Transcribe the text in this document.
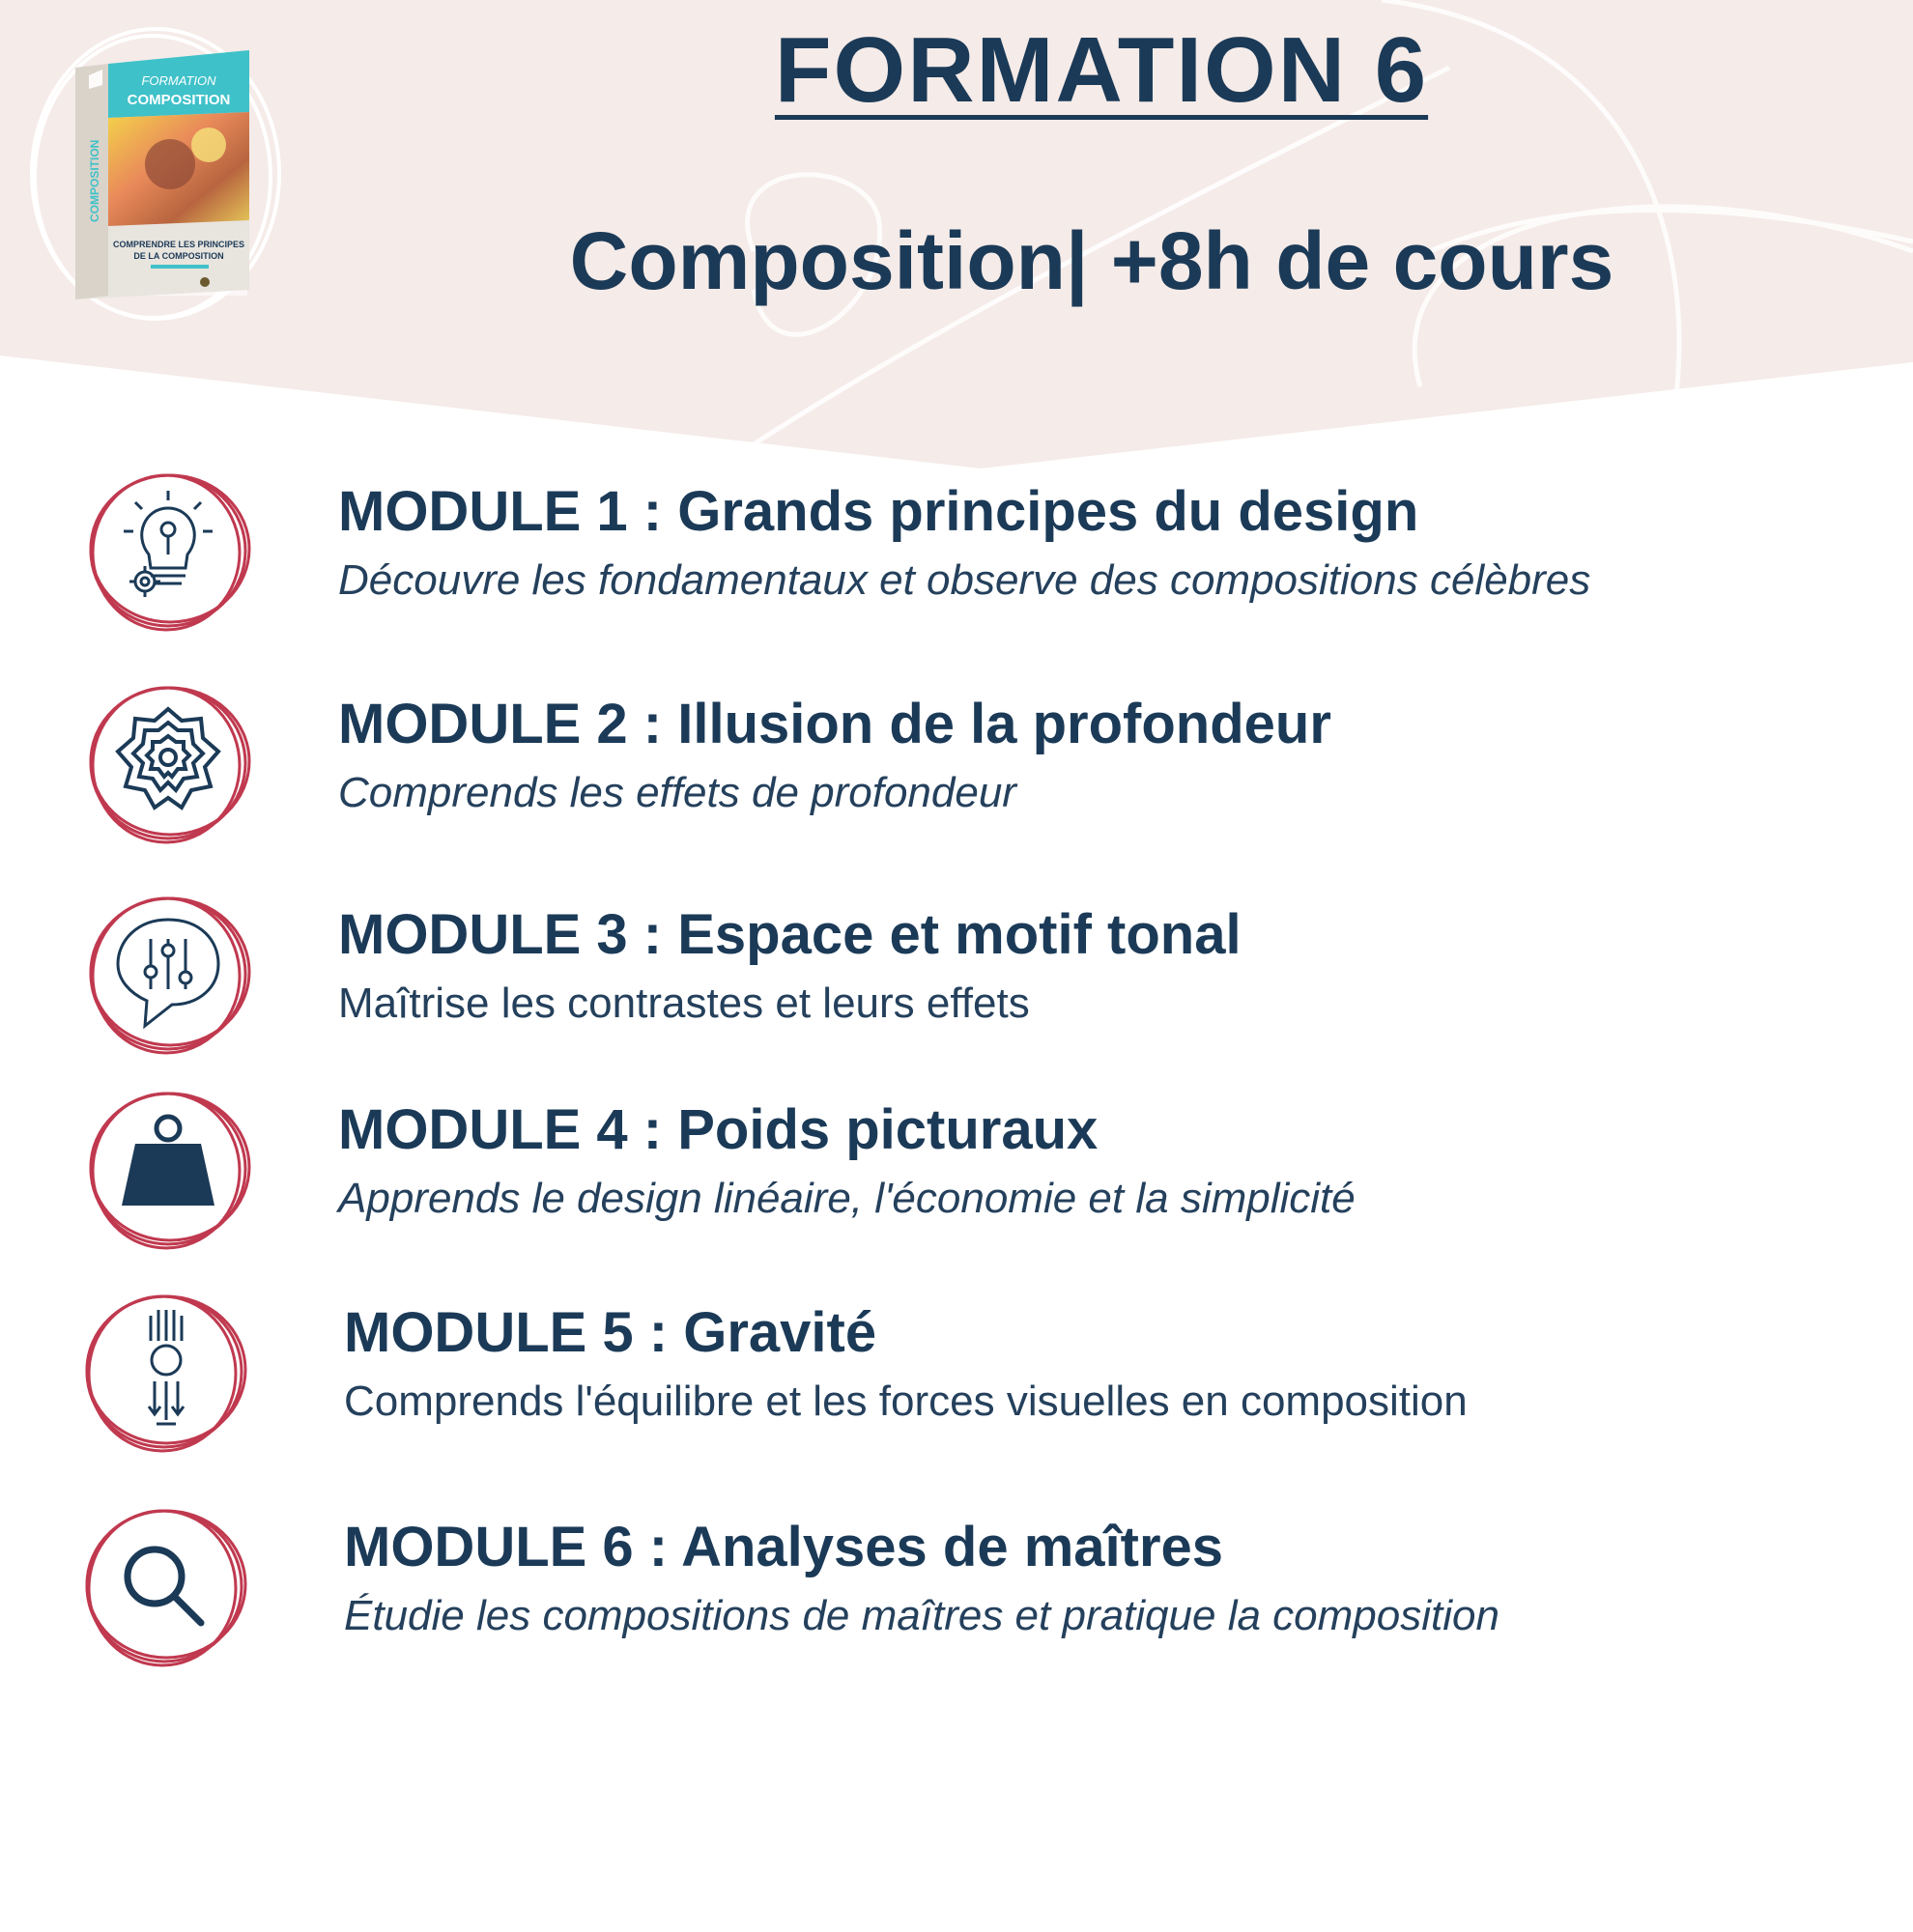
FORMATION
COMPOSITION
COMPOSITION
COMPRENDRE LES PRINCIPES
DE LA COMPOSITION
FORMATION 6
Composition| +8h de cours
MODULE 1 : Grands principes du design
Découvre les fondamentaux et observe des compositions célèbres
MODULE 2 : Illusion de la profondeur
Comprends les effets de profondeur
MODULE 3 : Espace et motif tonal
Maîtrise les contrastes et leurs effets
MODULE 4 : Poids picturaux
Apprends le design linéaire, l'économie et la simplicité
MODULE 5 : Gravité
Comprends l'équilibre et les forces visuelles en composition
MODULE 6 : Analyses de maîtres
Étudie les compositions de maîtres et pratique la composition
